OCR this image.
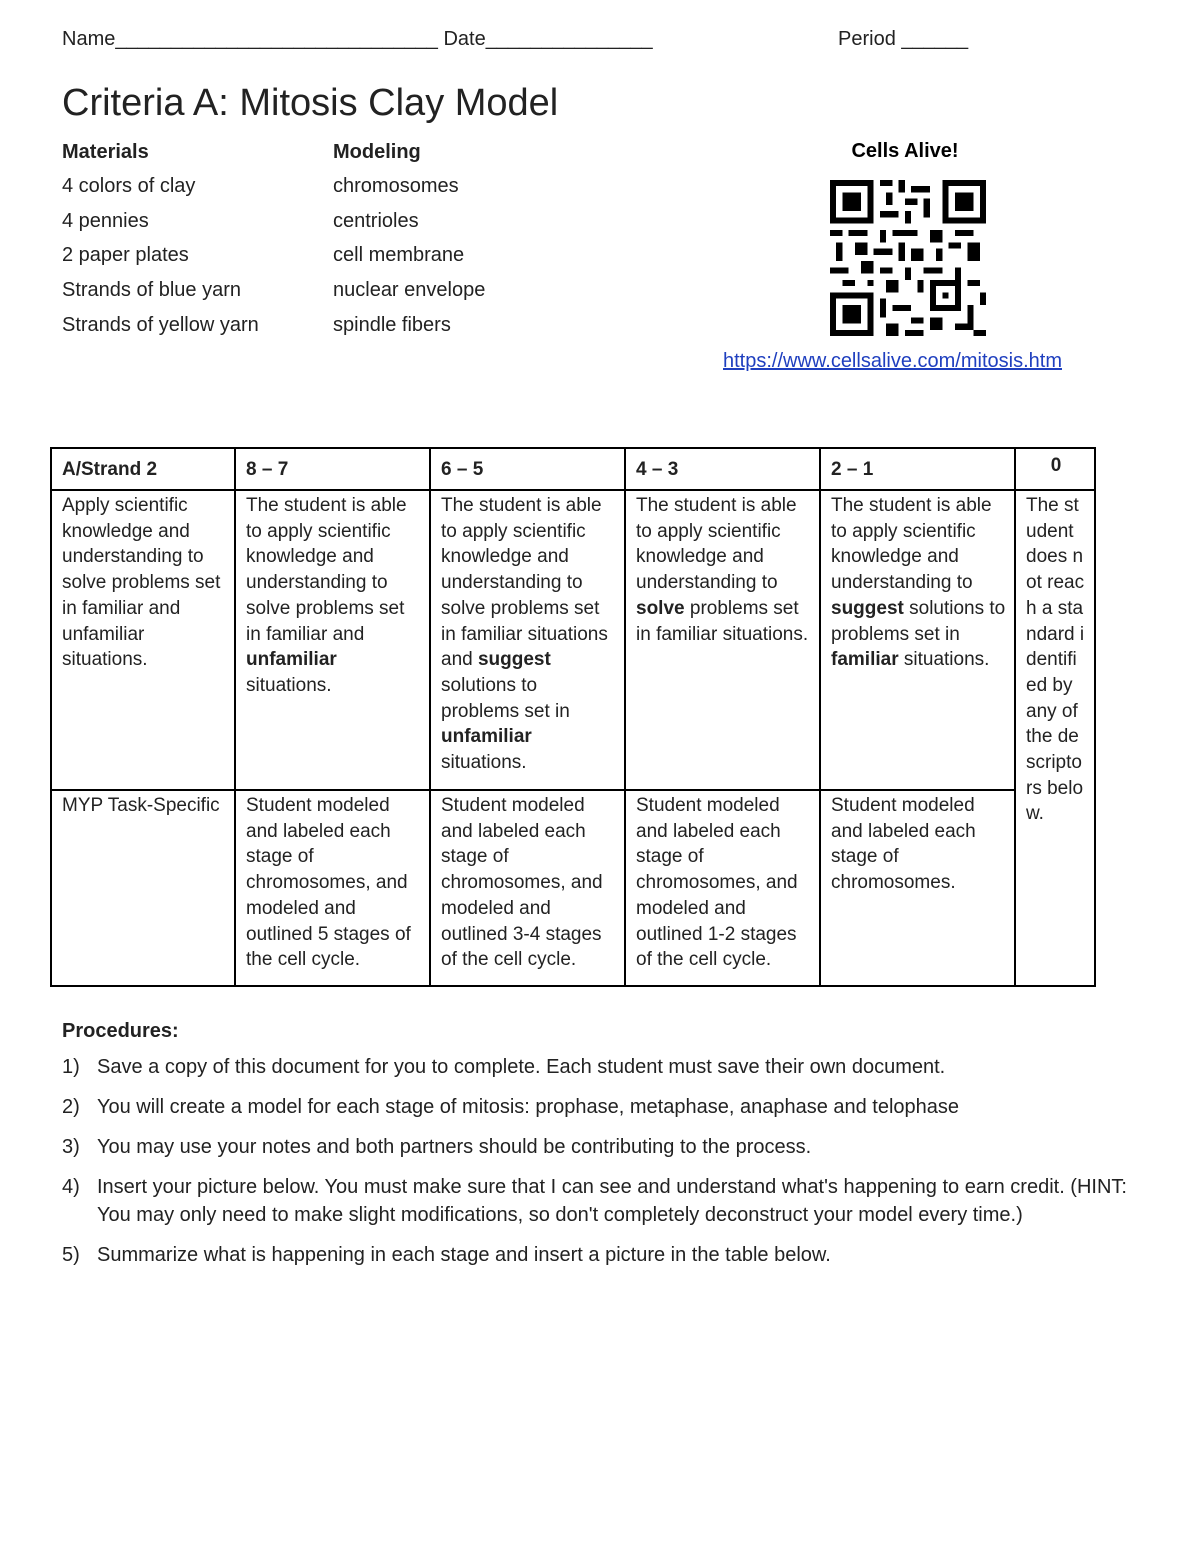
Name_____________________________ Date_______________	Period ______
Criteria A: Mitosis Clay Model
Materials
4 colors of clay
4 pennies
2 paper plates
Strands of blue yarn
Strands of yellow yarn
Modeling
chromosomes
centrioles
cell membrane
nuclear envelope
spindle fibers
Cells Alive!
https://www.cellsalive.com/mitosis.htm
A/Strand 2	8 – 7	6 – 5	4 – 3	2 – 1	0
Apply scientific knowledge and understanding to solve problems set in familiar and unfamiliar situations.	The student is able to apply scientific knowledge and understanding to solve problems set in familiar and unfamiliar situations.	The student is able to apply scientific knowledge and understanding to solve problems set in familiar situations and suggest solutions to problems set in unfamiliar situations.	The student is able to apply scientific knowledge and understanding to solve problems set in familiar situations.	The student is able to apply scientific knowledge and understanding to suggest solutions to problems set in familiar situations.	The student does not reach a standard identified by any of the descriptors below.
MYP Task-Specific	Student modeled and labeled each stage of chromosomes, and modeled and outlined 5 stages of the cell cycle.	Student modeled and labeled each stage of chromosomes, and modeled and outlined 3-4 stages of the cell cycle.	Student modeled and labeled each stage of chromosomes, and modeled and outlined 1-2 stages of the cell cycle.	Student modeled and labeled each stage of chromosomes.	
Procedures:
1) Save a copy of this document for you to complete. Each student must save their own document.
2) You will create a model for each stage of mitosis: prophase, metaphase, anaphase and telophase
3) You may use your notes and both partners should be contributing to the process.
4) Insert your picture below. You must make sure that I can see and understand what's happening to earn credit. (HINT: You may only need to make slight modifications, so don't completely deconstruct your model every time.)
5) Summarize what is happening in each stage and insert a picture in the table below.
